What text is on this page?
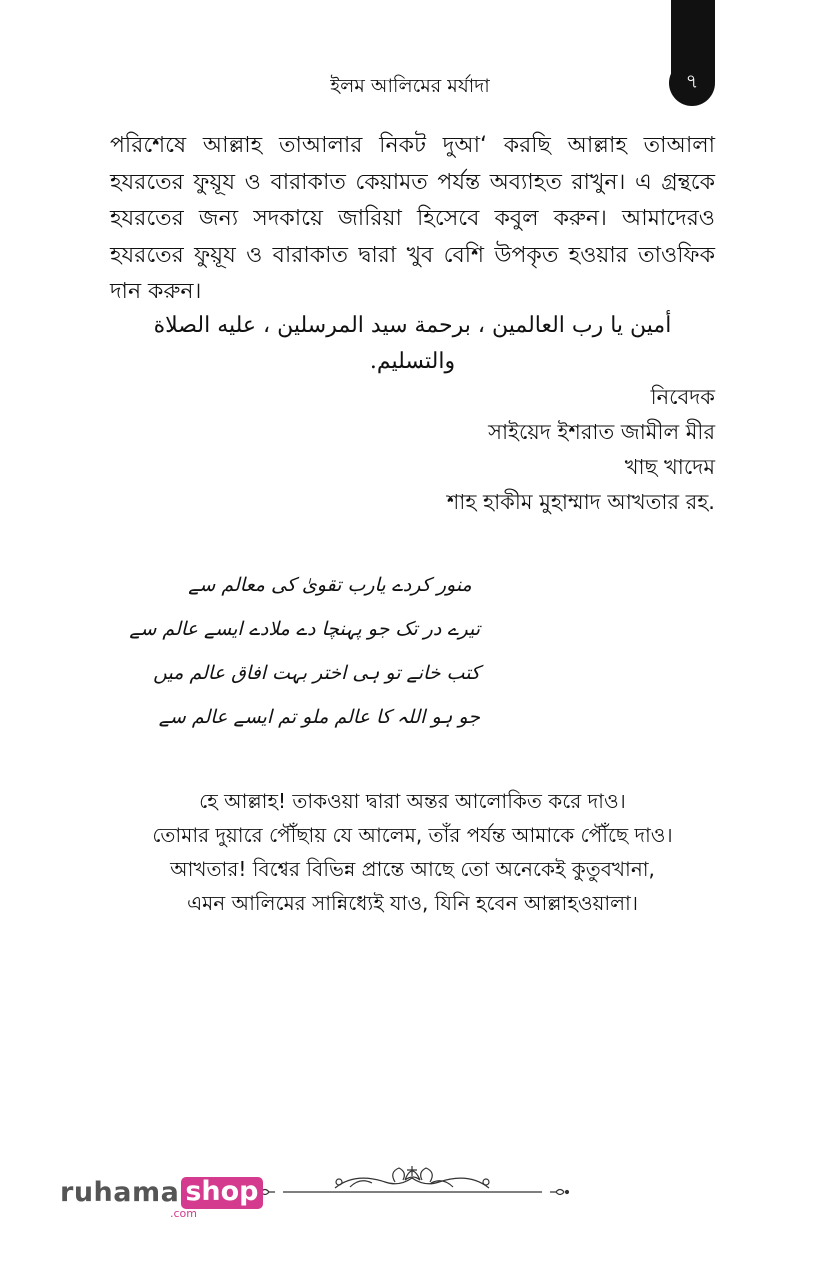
৭
ইলম আলিমের মর্যাদা

পরিশেষে আল্লাহ তাআলার নিকট দুআ‘ করছি আল্লাহ তাআলা হযরতের ফুয়ূয ও বারাকাত কেয়ামত পর্যন্ত অব্যাহত রাখুন। এ গ্রন্থকে হযরতের জন্য সদকায়ে জারিয়া হিসেবে কবুল করুন। আমাদেরও হযরতের ফুয়ূয ও বারাকাত দ্বারা খুব বেশি উপকৃত হওয়ার তাওফিক দান করুন।

أمين يا رب العالمين ، برحمة سيد المرسلين ، عليه الصلاة والتسليم.

নিবেদক
সাইয়েদ ইশরাত জামীল মীর
খাছ খাদেম
শাহ হাকীম মুহাম্মাদ আখতার রহ.
منور کردے یارب تقویٰ کی معالم سے
تیرے در تک جو پہنچا دے ملادے ایسے عالم سے
کتب خانے تو ہی اختر بہت افاق عالم میں
جو ہو اللہ کا عالم ملو تم ایسے عالم سے
হে আল্লাহ! তাকওয়া দ্বারা অন্তর আলোকিত করে দাও।
তোমার দুয়ারে পৌঁছায় যে আলেম, তাঁর পর্যন্ত আমাকে পৌঁছে দাও।
আখতার! বিশ্বের বিভিন্ন প্রান্তে আছে তো অনেকেই কুতুবখানা,
এমন আলিমের সান্নিধ্যেই যাও, যিনি হবেন আল্লাহওয়ালা।
ruhama shop
.com
